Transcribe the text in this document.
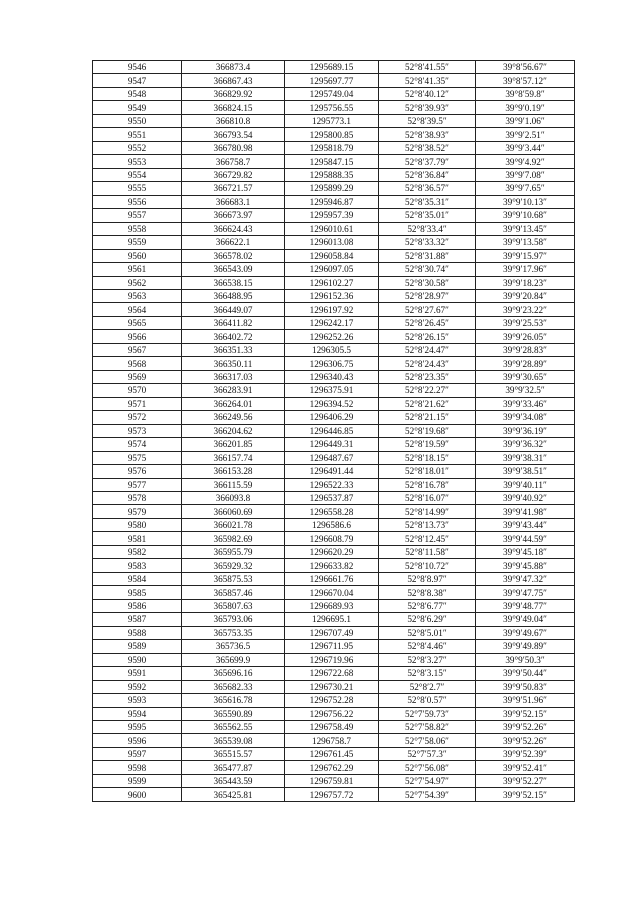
9546	366873.4	1295689.15	52°8′41.55″	39°8′56.67″
9547	366867.43	1295697.77	52°8′41.35″	39°8′57.12″
9548	366829.92	1295749.04	52°8′40.12″	39°8′59.8″
9549	366824.15	1295756.55	52°8′39.93″	39°9′0.19″
9550	366810.8	1295773.1	52°8′39.5″	39°9′1.06″
9551	366793.54	1295800.85	52°8′38.93″	39°9′2.51″
9552	366780.98	1295818.79	52°8′38.52″	39°9′3.44″
9553	366758.7	1295847.15	52°8′37.79″	39°9′4.92″
9554	366729.82	1295888.35	52°8′36.84″	39°9′7.08″
9555	366721.57	1295899.29	52°8′36.57″	39°9′7.65″
9556	366683.1	1295946.87	52°8′35.31″	39°9′10.13″
9557	366673.97	1295957.39	52°8′35.01″	39°9′10.68″
9558	366624.43	1296010.61	52°8′33.4″	39°9′13.45″
9559	366622.1	1296013.08	52°8′33.32″	39°9′13.58″
9560	366578.02	1296058.84	52°8′31.88″	39°9′15.97″
9561	366543.09	1296097.05	52°8′30.74″	39°9′17.96″
9562	366538.15	1296102.27	52°8′30.58″	39°9′18.23″
9563	366488.95	1296152.36	52°8′28.97″	39°9′20.84″
9564	366449.07	1296197.92	52°8′27.67″	39°9′23.22″
9565	366411.82	1296242.17	52°8′26.45″	39°9′25.53″
9566	366402.72	1296252.26	52°8′26.15″	39°9′26.05″
9567	366351.33	1296305.5	52°8′24.47″	39°9′28.83″
9568	366350.11	1296306.75	52°8′24.43″	39°9′28.89″
9569	366317.03	1296340.43	52°8′23.35″	39°9′30.65″
9570	366283.91	1296375.91	52°8′22.27″	39°9′32.5″
9571	366264.01	1296394.52	52°8′21.62″	39°9′33.46″
9572	366249.56	1296406.29	52°8′21.15″	39°9′34.08″
9573	366204.62	1296446.85	52°8′19.68″	39°9′36.19″
9574	366201.85	1296449.31	52°8′19.59″	39°9′36.32″
9575	366157.74	1296487.67	52°8′18.15″	39°9′38.31″
9576	366153.28	1296491.44	52°8′18.01″	39°9′38.51″
9577	366115.59	1296522.33	52°8′16.78″	39°9′40.11″
9578	366093.8	1296537.87	52°8′16.07″	39°9′40.92″
9579	366060.69	1296558.28	52°8′14.99″	39°9′41.98″
9580	366021.78	1296586.6	52°8′13.73″	39°9′43.44″
9581	365982.69	1296608.79	52°8′12.45″	39°9′44.59″
9582	365955.79	1296620.29	52°8′11.58″	39°9′45.18″
9583	365929.32	1296633.82	52°8′10.72″	39°9′45.88″
9584	365875.53	1296661.76	52°8′8.97″	39°9′47.32″
9585	365857.46	1296670.04	52°8′8.38″	39°9′47.75″
9586	365807.63	1296689.93	52°8′6.77″	39°9′48.77″
9587	365793.06	1296695.1	52°8′6.29″	39°9′49.04″
9588	365753.35	1296707.49	52°8′5.01″	39°9′49.67″
9589	365736.5	1296711.95	52°8′4.46″	39°9′49.89″
9590	365699.9	1296719.96	52°8′3.27″	39°9′50.3″
9591	365696.16	1296722.68	52°8′3.15″	39°9′50.44″
9592	365682.33	1296730.21	52°8′2.7″	39°9′50.83″
9593	365616.78	1296752.28	52°8′0.57″	39°9′51.96″
9594	365590.89	1296756.22	52°7′59.73″	39°9′52.15″
9595	365562.55	1296758.49	52°7′58.82″	39°9′52.26″
9596	365539.08	1296758.7	52°7′58.06″	39°9′52.26″
9597	365515.57	1296761.45	52°7′57.3″	39°9′52.39″
9598	365477.87	1296762.29	52°7′56.08″	39°9′52.41″
9599	365443.59	1296759.81	52°7′54.97″	39°9′52.27″
9600	365425.81	1296757.72	52°7′54.39″	39°9′52.15″
